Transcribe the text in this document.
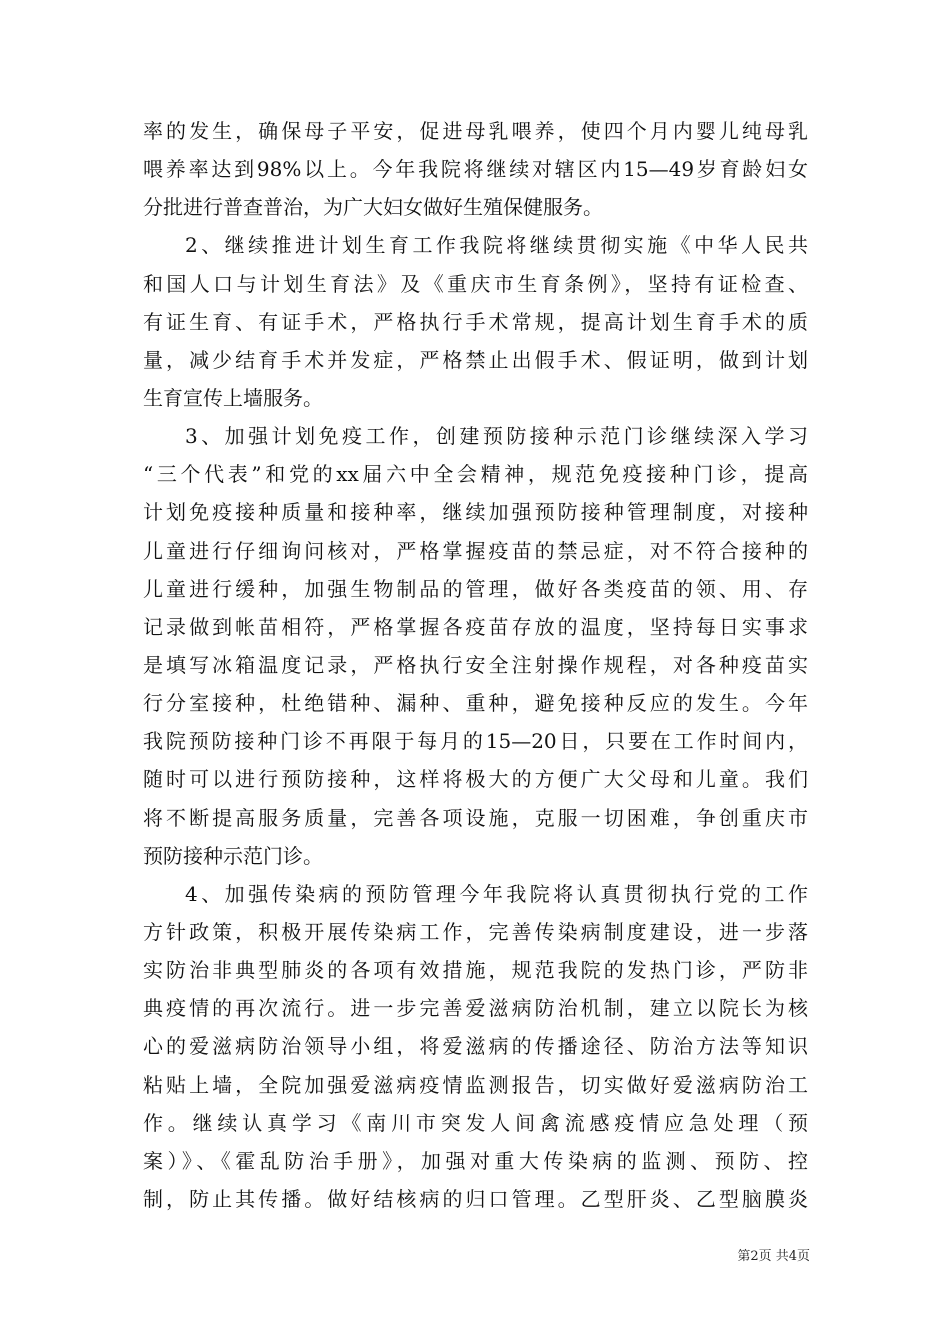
率的发生，确保母子平安，促进母乳喂养，使四个月内婴儿纯母乳
喂养率达到98%以上。今年我院将继续对辖区内15—49岁育龄妇女
分批进行普查普治，为广大妇女做好生殖保健服务。
2、继续推进计划生育工作我院将继续贯彻实施《中华人民共
和国人口与计划生育法》及《重庆市生育条例》，坚持有证检查、
有证生育、有证手术，严格执行手术常规，提高计划生育手术的质
量，减少结育手术并发症，严格禁止出假手术、假证明，做到计划
生育宣传上墙服务。
3、加强计划免疫工作，创建预防接种示范门诊继续深入学习
“三个代表”和党的xx届六中全会精神，规范免疫接种门诊，提高
计划免疫接种质量和接种率，继续加强预防接种管理制度，对接种
儿童进行仔细询问核对，严格掌握疫苗的禁忌症，对不符合接种的
儿童进行缓种，加强生物制品的管理，做好各类疫苗的领、用、存
记录做到帐苗相符，严格掌握各疫苗存放的温度，坚持每日实事求
是填写冰箱温度记录，严格执行安全注射操作规程，对各种疫苗实
行分室接种，杜绝错种、漏种、重种，避免接种反应的发生。今年
我院预防接种门诊不再限于每月的15—20日，只要在工作时间内，
随时可以进行预防接种，这样将极大的方便广大父母和儿童。我们
将不断提高服务质量，完善各项设施，克服一切困难，争创重庆市
预防接种示范门诊。
4、加强传染病的预防管理今年我院将认真贯彻执行党的工作
方针政策，积极开展传染病工作，完善传染病制度建设，进一步落
实防治非典型肺炎的各项有效措施，规范我院的发热门诊，严防非
典疫情的再次流行。进一步完善爱滋病防治机制，建立以院长为核
心的爱滋病防治领导小组，将爱滋病的传播途径、防治方法等知识
粘贴上墙，全院加强爱滋病疫情监测报告，切实做好爱滋病防治工
作。继续认真学习《南川市突发人间禽流感疫情应急处理（预
案）》、《霍乱防治手册》，加强对重大传染病的监测、预防、控
制，防止其传播。做好结核病的归口管理。乙型肝炎、乙型脑膜炎
第2页 共4页
